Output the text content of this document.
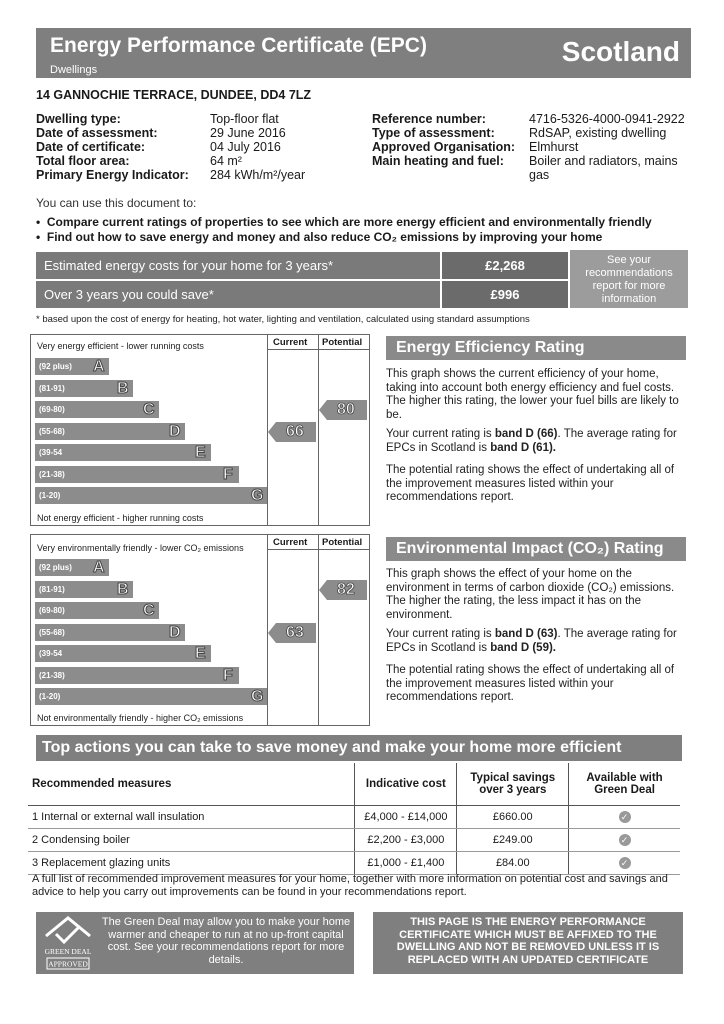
Energy Performance Certificate (EPC)
Dwellings
Scotland
14 GANNOCHIE TERRACE, DUNDEE, DD4 7LZ
Dwelling type:	Top-floor flat
Date of assessment:	29 June 2016
Date of certificate:	04 July 2016
Total floor area:	64 m²
Primary Energy Indicator: 284 kWh/m²/year
Reference number:	4716-5326-4000-0941-2922
Type of assessment:	RdSAP, existing dwelling
Approved Organisation: Elmhurst
Main heating and fuel: Boiler and radiators, mains
gas
You can use this document to:
•  Compare current ratings of properties to see which are more energy efficient and environmentally friendly
•  Find out how to save energy and money and also reduce CO₂ emissions by improving your home
Estimated energy costs for your home for 3 years*	£2,268
Over 3 years you could save*	£996
See your recommendations report for more information
* based upon the cost of energy for heating, hot water, lighting and ventilation, calculated using standard assumptions
Current Potential
Very energy efficient - lower running costs
Not energy efficient - higher running costs
(92 plus)	A
(81-91)	B
(69-80)	C
(55-68)	D
(39-54	E
(21-38)	F
(1-20)	G
66
80
Energy Efficiency Rating
This graph shows the current efficiency of your home, taking into account both energy efficiency and fuel costs. The higher this rating, the lower your fuel bills are likely to be.
Your current rating is band D (66). The average rating for EPCs in Scotland is band D (61).
The potential rating shows the effect of undertaking all of the improvement measures listed within your recommendations report.
Current Potential
Very environmentally friendly - lower CO₂ emissions
Not environmentally friendly - higher CO₂ emissions
(92 plus)	A
(81-91)	B
(69-80)	C
(55-68)	D
(39-54	E
(21-38)	F
(1-20)	G
63
82
Environmental Impact (CO₂) Rating
This graph shows the effect of your home on the environment in terms of carbon dioxide (CO₂) emissions. The higher the rating, the less impact it has on the environment.
Your current rating is band D (63). The average rating for EPCs in Scotland is band D (59).
The potential rating shows the effect of undertaking all of the improvement measures listed within your recommendations report.
Top actions you can take to save money and make your home more efficient
Recommended measures	Indicative cost	Typical savings over 3 years	Available with Green Deal
1 Internal or external wall insulation	£4,000 - £14,000	£660.00	✓
2 Condensing boiler	£2,200 - £3,000	£249.00	✓
3 Replacement glazing units	£1,000 - £1,400	£84.00	✓
A full list of recommended improvement measures for your home, together with more information on potential cost and savings and advice to help you carry out improvements can be found in your recommendations report.
GREEN DEAL
APPROVED
The Green Deal may allow you to make your home warmer and cheaper to run at no up-front capital cost. See your recommendations report for more details.
THIS PAGE IS THE ENERGY PERFORMANCE CERTIFICATE WHICH MUST BE AFFIXED TO THE DWELLING AND NOT BE REMOVED UNLESS IT IS REPLACED WITH AN UPDATED CERTIFICATE
